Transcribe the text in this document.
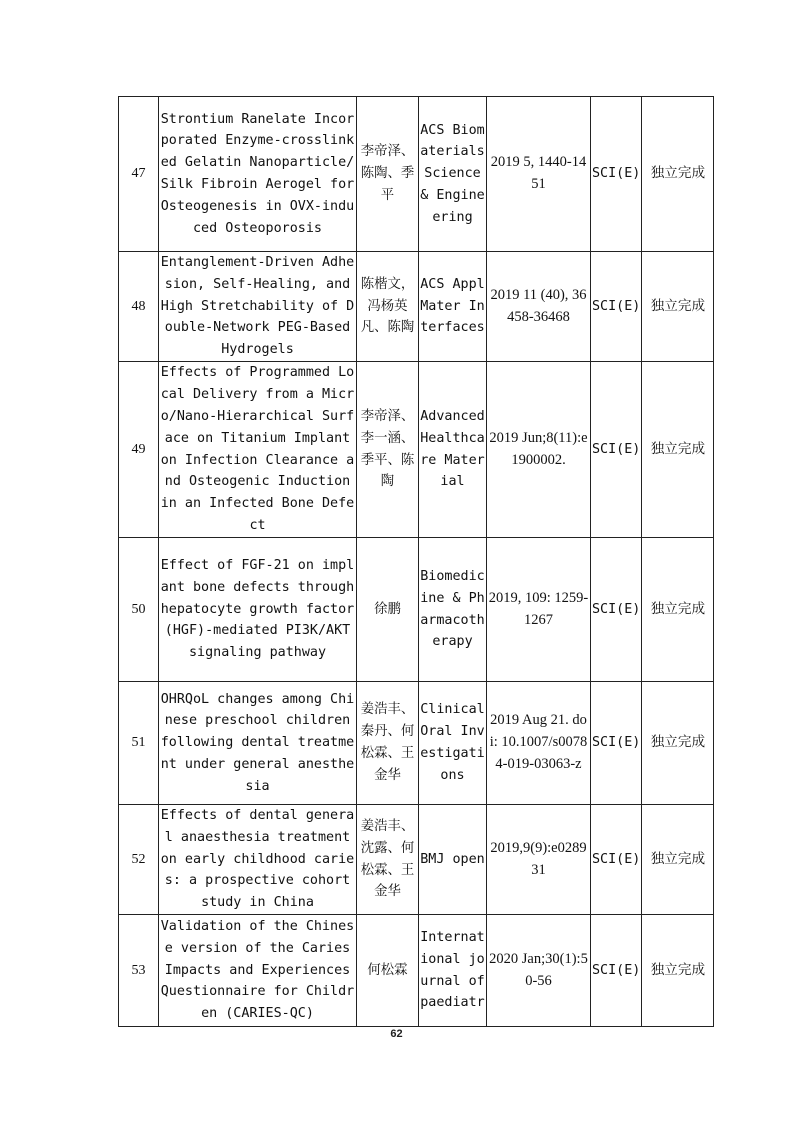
47	Strontium Ranelate Incorporated Enzyme-crosslinked Gelatin Nanoparticle/Silk Fibroin Aerogel for Osteogenesis in OVX-induced Osteoporosis	李帝泽、陈陶、季平	ACS Biomaterials Science & Engineering	2019 5, 1440-1451	SCI(E)	独立完成
48	Entanglement-Driven Adhesion, Self-Healing, and High Stretchability of Double-Network PEG-Based Hydrogels	陈楷文，冯杨英凡、陈陶	ACS Appl Mater Interfaces	2019 11 (40), 36458-36468	SCI(E)	独立完成
49	Effects of Programmed Local Delivery from a Micro/Nano-Hierarchical Surface on Titanium Implant on Infection Clearance and Osteogenic Induction in an Infected Bone Defect	李帝泽、李一涵、季平、陈陶	Advanced Healthcare Material	2019 Jun;8(11):e1900002.	SCI(E)	独立完成
50	Effect of FGF-21 on implant bone defects through hepatocyte growth factor (HGF)-mediated PI3K/AKT signaling pathway	徐鹏	Biomedicine & Pharmacotherapy	2019, 109: 1259-1267	SCI(E)	独立完成
51	OHRQoL changes among Chinese preschool children following dental treatment under general anesthesia	姜浩丰、秦丹、何松霖、王金华	Clinical Oral Investigations	2019 Aug 21. doi: 10.1007/s00784-019-03063-z	SCI(E)	独立完成
52	Effects of dental general anaesthesia treatment on early childhood caries: a prospective cohort study in China	姜浩丰、沈露、何松霖、王金华	BMJ open	2019,9(9):e028931	SCI(E)	独立完成
53	Validation of the Chinese version of the Caries Impacts and Experiences Questionnaire for Children (CARIES-QC)	何松霖	International journal of paediatr	2020 Jan;30(1):50-56	SCI(E)	独立完成
62
